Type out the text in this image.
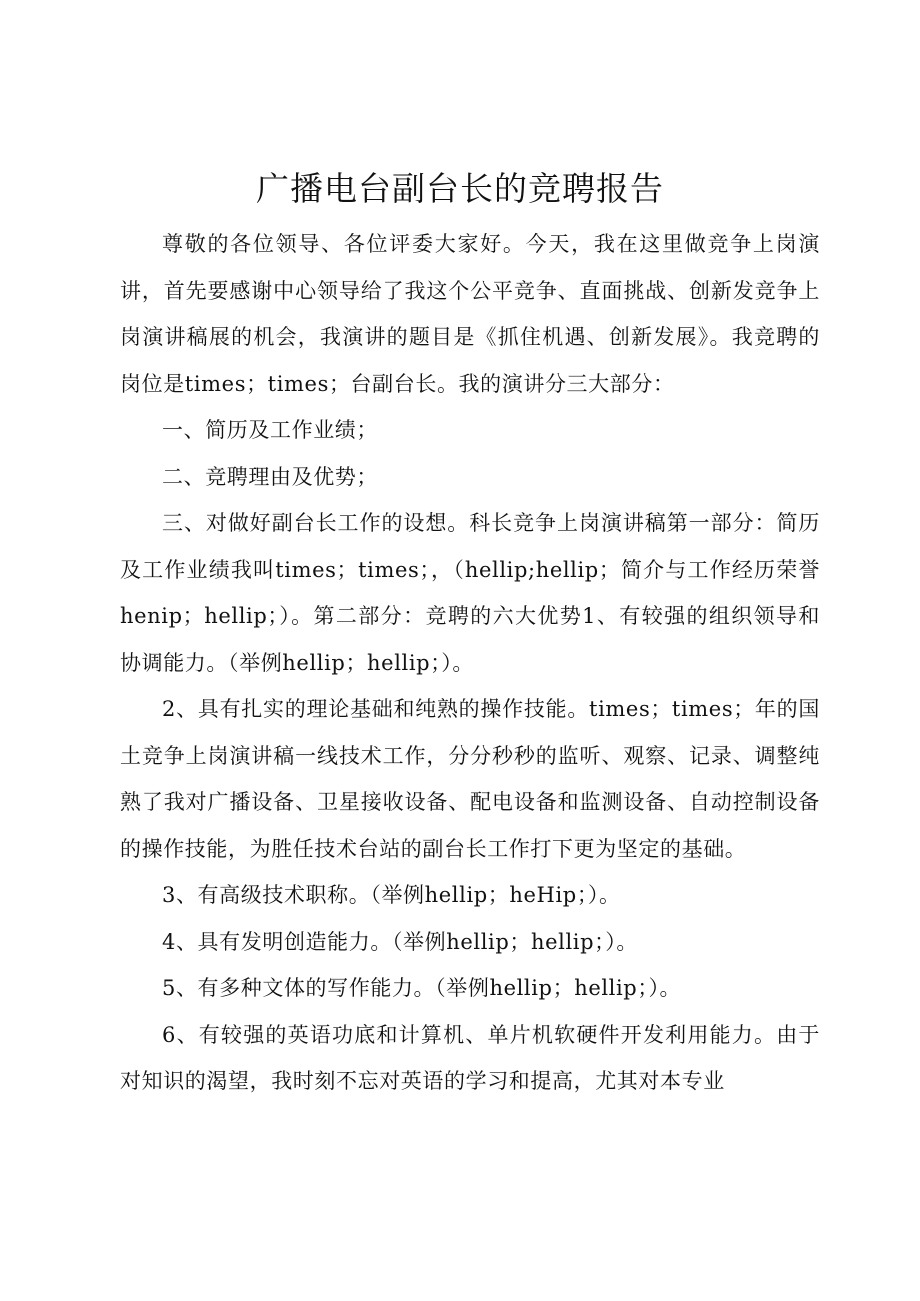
广播电台副台长的竞聘报告

尊敬的各位领导、各位评委大家好。今天，我在这里做竞争上岗演讲，首先要感谢中心领导给了我这个公平竞争、直面挑战、创新发竞争上岗演讲稿展的机会，我演讲的题目是《抓住机遇、创新发展》。我竞聘的岗位是times；times；台副台长。我的演讲分三大部分：

一、简历及工作业绩；

二、竞聘理由及优势；

三、对做好副台长工作的设想。科长竞争上岗演讲稿第一部分：简历及工作业绩我叫times；times；，（hellip;hellip；简介与工作经历荣誉henip；hellip；）。第二部分：竞聘的六大优势1、有较强的组织领导和协调能力。（举例hellip；hellip；）。

2、具有扎实的理论基础和纯熟的操作技能。times；times；年的国土竞争上岗演讲稿一线技术工作，分分秒秒的监听、观察、记录、调整纯熟了我对广播设备、卫星接收设备、配电设备和监测设备、自动控制设备的操作技能，为胜任技术台站的副台长工作打下更为坚定的基础。

3、有高级技术职称。（举例hellip；heHip；）。

4、具有发明创造能力。（举例hellip；hellip；）。

5、有多种文体的写作能力。（举例hellip；hellip；）。

6、有较强的英语功底和计算机、单片机软硬件开发利用能力。由于对知识的渴望，我时刻不忘对英语的学习和提高，尤其对本专业
